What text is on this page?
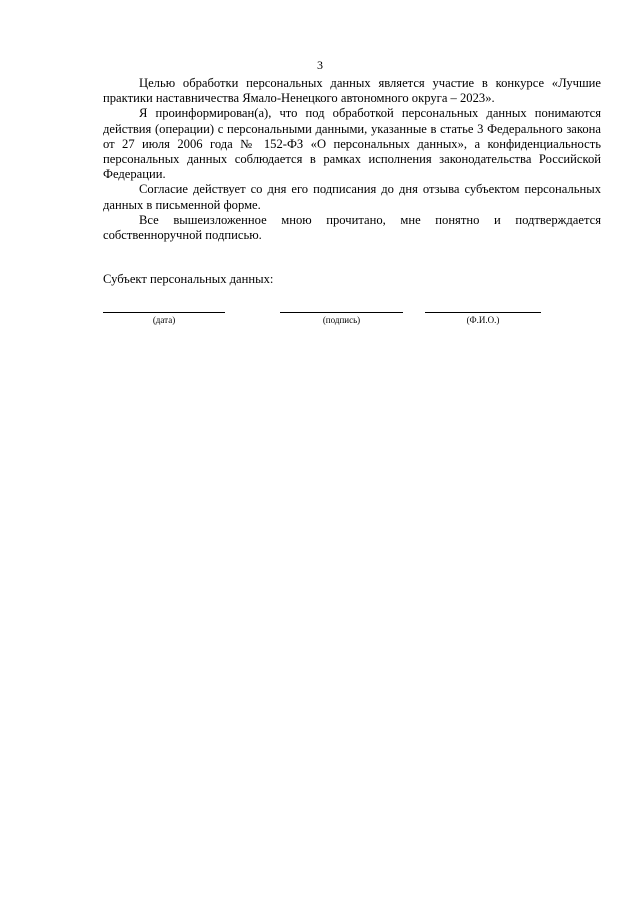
3

Целью обработки персональных данных является участие в конкурсе «Лучшие практики наставничества Ямало-Ненецкого автономного округа – 2023».

Я проинформирован(а), что под обработкой персональных данных понимаются действия (операции) с персональными данными, указанные в статье 3 Федерального закона от 27 июля 2006 года № 152-ФЗ «О персональных данных», а конфиденциальность персональных данных соблюдается в рамках исполнения законодательства Российской Федерации.

Согласие действует со дня его подписания до дня отзыва субъектом персональных данных в письменной форме.

Все вышеизложенное мною прочитано, мне понятно и подтверждается собственноручной подписью.

Субъект персональных данных:
(дата)	(подпись)	(Ф.И.О.)
